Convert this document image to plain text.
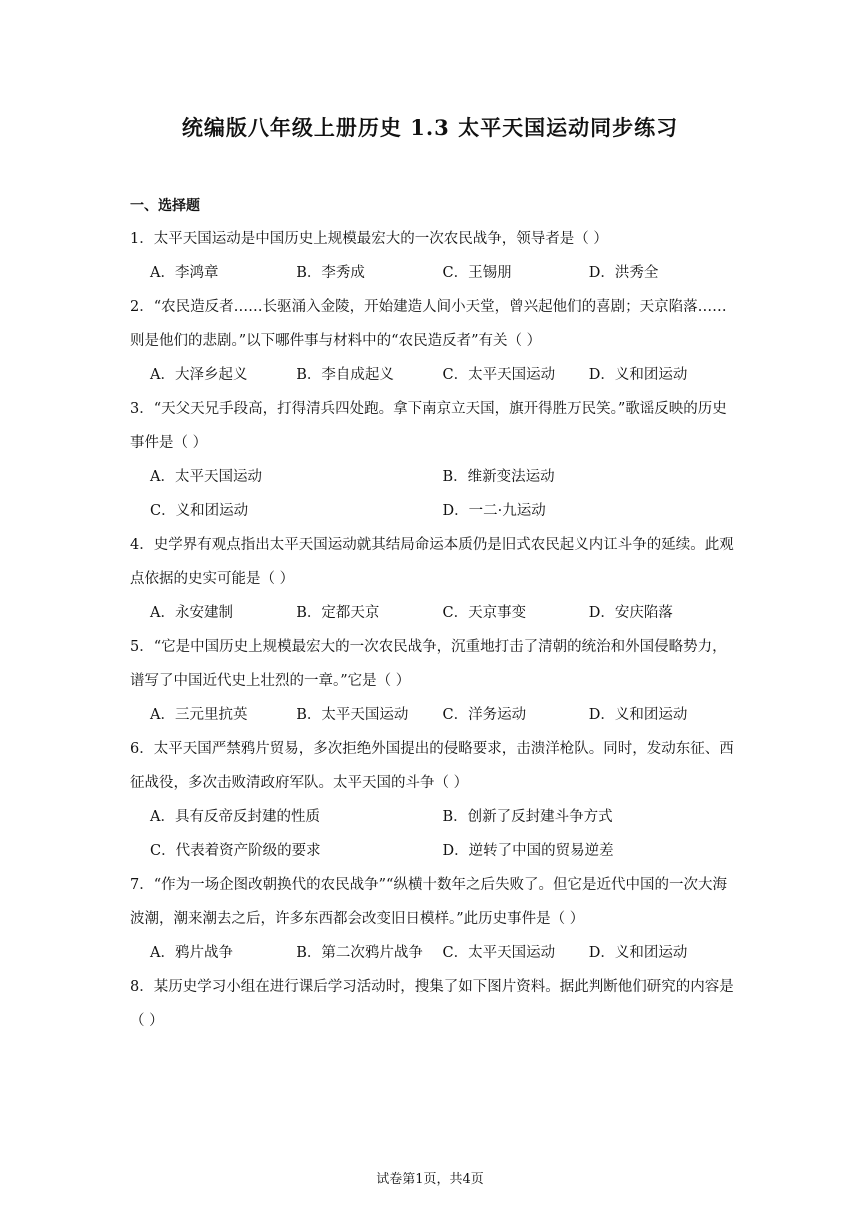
统编版八年级上册历史 1.3 太平天国运动同步练习
一、选择题
1．太平天国运动是中国历史上规模最宏大的一次农民战争，领导者是（ ）
A．李鸿章	B．李秀成	C．王锡朋	D．洪秀全
2．“农民造反者……长驱涌入金陵，开始建造人间小天堂，曾兴起他们的喜剧；天京陷落……则是他们的悲剧。”以下哪件事与材料中的“农民造反者”有关（ ）
A．大泽乡起义	B．李自成起义	C．太平天国运动	D．义和团运动
3．“天父天兄手段高，打得清兵四处跑。拿下南京立天国，旗开得胜万民笑。”歌谣反映的历史事件是（ ）
A．太平天国运动	B．维新变法运动
C．义和团运动	D．一二·九运动
4．史学界有观点指出太平天国运动就其结局命运本质仍是旧式农民起义内讧斗争的延续。此观点依据的史实可能是（ ）
A．永安建制	B．定都天京	C．天京事变	D．安庆陷落
5．“它是中国历史上规模最宏大的一次农民战争，沉重地打击了清朝的统治和外国侵略势力，谱写了中国近代史上壮烈的一章。”它是（ ）
A．三元里抗英	B．太平天国运动	C．洋务运动	D．义和团运动
6．太平天国严禁鸦片贸易，多次拒绝外国提出的侵略要求，击溃洋枪队。同时，发动东征、西征战役，多次击败清政府军队。太平天国的斗争（ ）
A．具有反帝反封建的性质	B．创新了反封建斗争方式
C．代表着资产阶级的要求	D．逆转了中国的贸易逆差
7．“作为一场企图改朝换代的农民战争”“纵横十数年之后失败了。但它是近代中国的一次大海波潮，潮来潮去之后，许多东西都会改变旧日模样。”此历史事件是（ ）
A．鸦片战争	B．第二次鸦片战争	C．太平天国运动	D．义和团运动
8．某历史学习小组在进行课后学习活动时，搜集了如下图片资料。据此判断他们研究的内容是（ ）
试卷第1页，共4页
